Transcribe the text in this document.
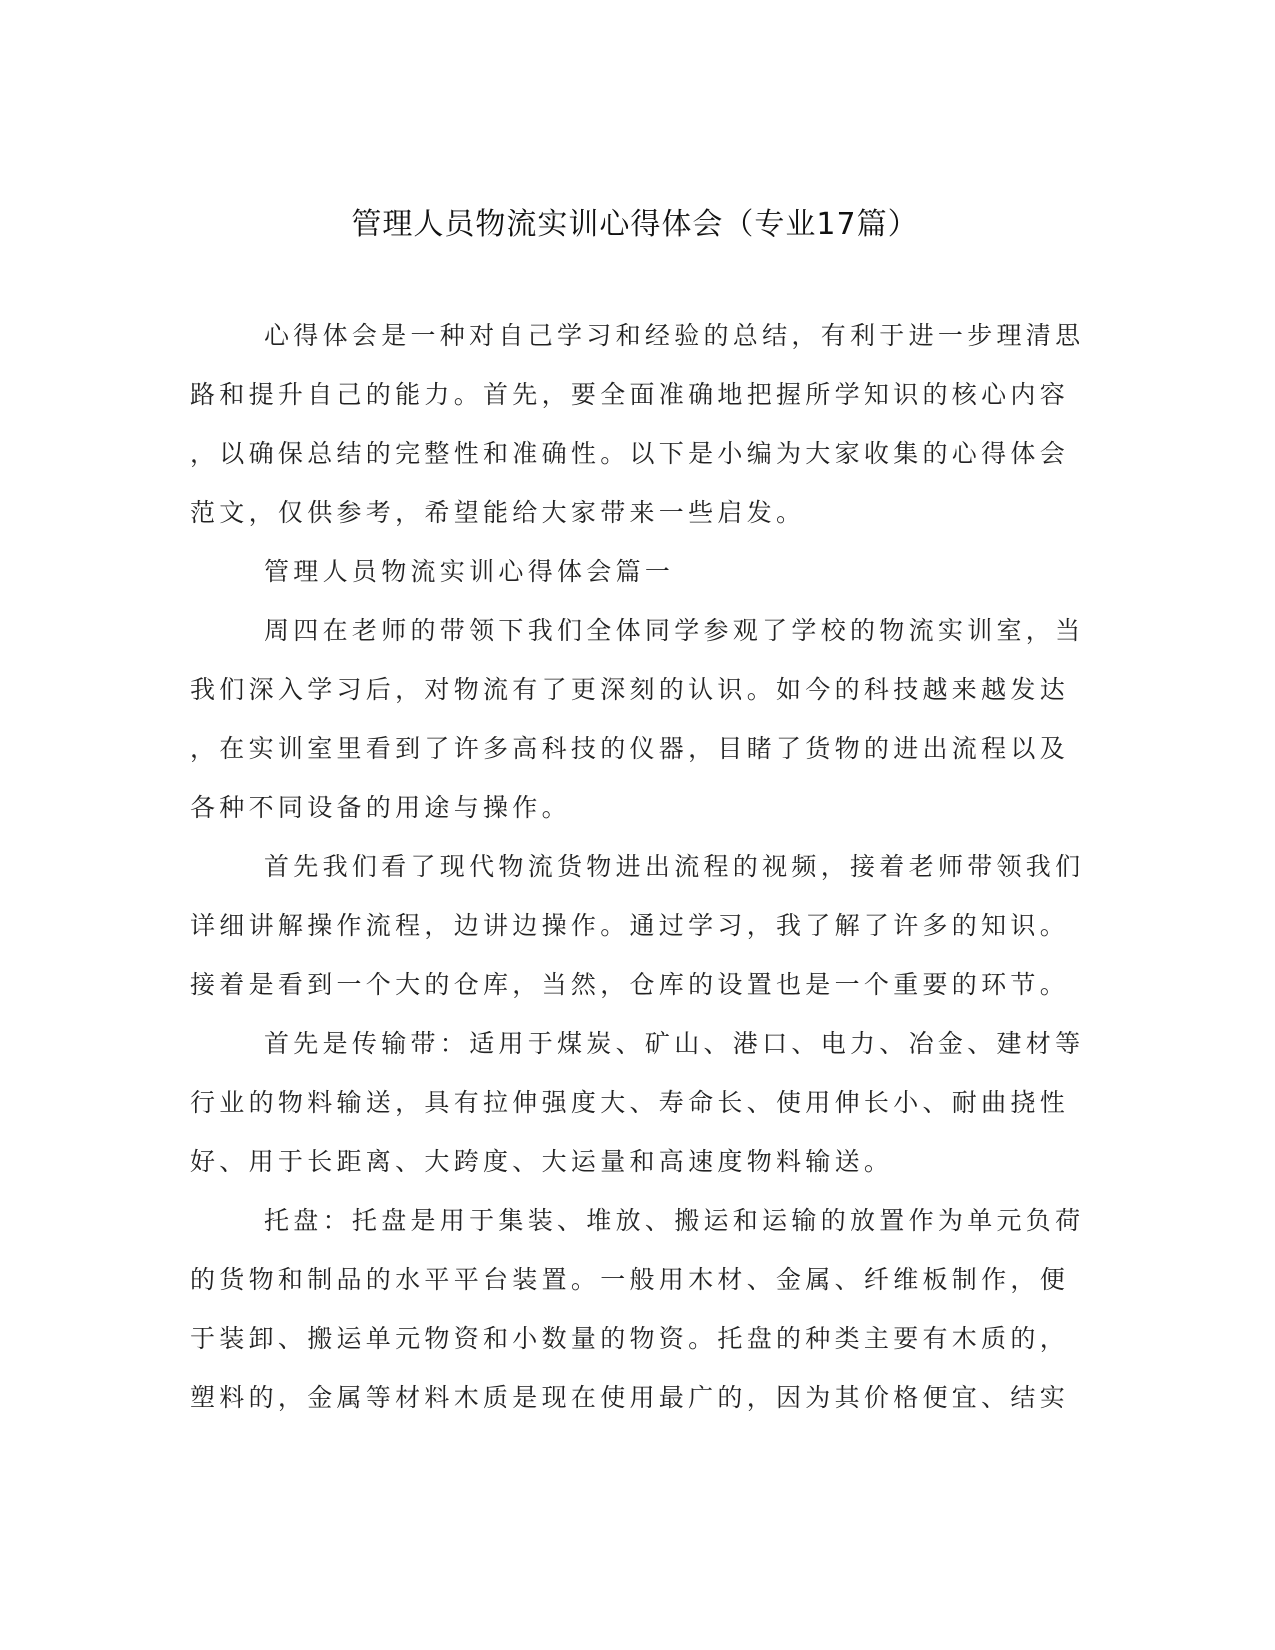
管理人员物流实训心得体会（专业17篇）
心得体会是一种对自己学习和经验的总结，有利于进一步理清思
路和提升自己的能力。首先，要全面准确地把握所学知识的核心内容
，以确保总结的完整性和准确性。以下是小编为大家收集的心得体会
范文，仅供参考，希望能给大家带来一些启发。
管理人员物流实训心得体会篇一
周四在老师的带领下我们全体同学参观了学校的物流实训室，当
我们深入学习后，对物流有了更深刻的认识。如今的科技越来越发达
，在实训室里看到了许多高科技的仪器，目睹了货物的进出流程以及
各种不同设备的用途与操作。
首先我们看了现代物流货物进出流程的视频，接着老师带领我们
详细讲解操作流程，边讲边操作。通过学习，我了解了许多的知识。
接着是看到一个大的仓库，当然，仓库的设置也是一个重要的环节。
首先是传输带：适用于煤炭、矿山、港口、电力、冶金、建材等
行业的物料输送，具有拉伸强度大、寿命长、使用伸长小、耐曲挠性
好、用于长距离、大跨度、大运量和高速度物料输送。
托盘：托盘是用于集装、堆放、搬运和运输的放置作为单元负荷
的货物和制品的水平平台装置。一般用木材、金属、纤维板制作，便
于装卸、搬运单元物资和小数量的物资。托盘的种类主要有木质的，
塑料的，金属等材料木质是现在使用最广的，因为其价格便宜、结实
